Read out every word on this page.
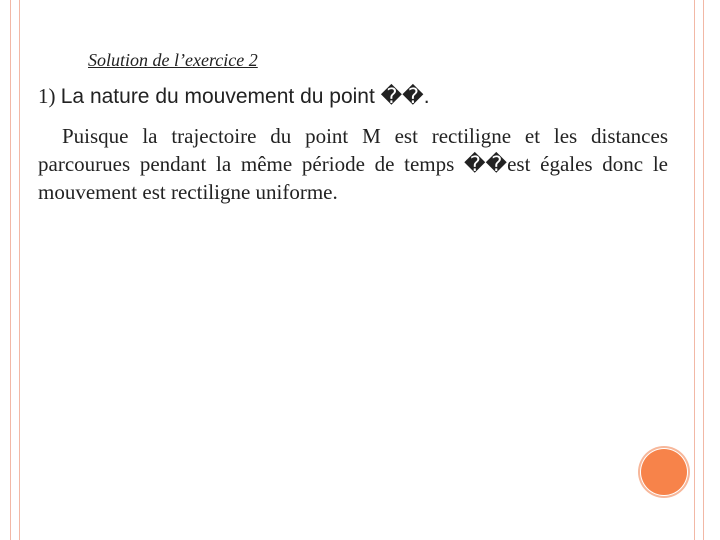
Solution de l’exercice 2
1) La nature du mouvement du point ��.
Puisque la trajectoire du point M est rectiligne et les distances parcourues pendant la même période de temps ��est égales donc le mouvement est rectiligne uniforme.
